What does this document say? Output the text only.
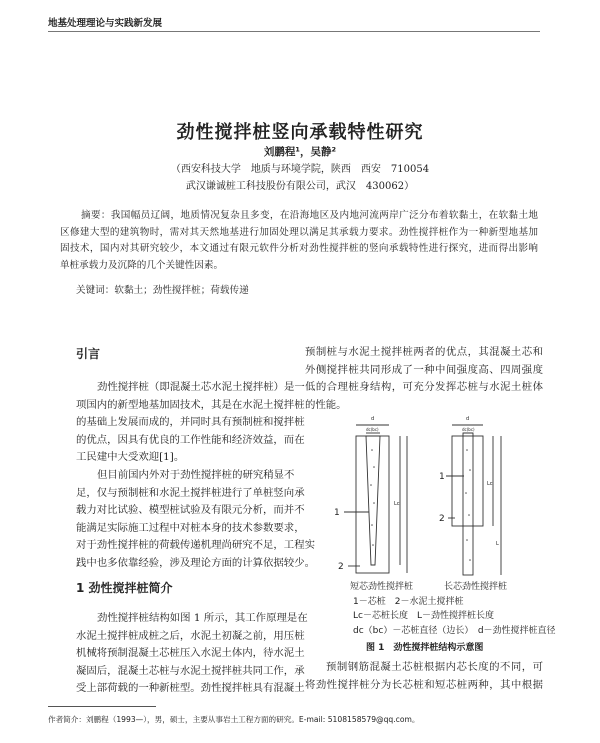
地基处理理论与实践新发展
劲性搅拌桩竖向承载特性研究
刘鹏程¹，吴静²
（西安科技大学　地质与环境学院，陕西　西安　710054
武汉谦诚桩工科技股份有限公司，武汉　430062）
摘要：我国幅员辽阔，地质情况复杂且多变，在沿海地区及内地河流两岸广泛分布着软黏土，在软黏土地
区修建大型的建筑物时，需对其天然地基进行加固处理以满足其承载力要求。劲性搅拌桩作为一种新型地基加
固技术，国内对其研究较少，本文通过有限元软件分析对劲性搅拌桩的竖向承载特性进行探究，进而得出影响
单桩承载力及沉降的几个关键性因素。
关键词：软黏土；劲性搅拌桩；荷载传递
引言
劲性搅拌桩（即混凝土芯水泥土搅拌桩）是一
项国内的新型地基加固技术，其是在水泥土搅拌桩
的基础上发展而成的，并同时具有预制桩和搅拌桩
的优点，因具有优良的工作性能和经济效益，而在
工民建中大受欢迎[1]。
但目前国内外对于劲性搅拌桩的研究稍显不
足，仅与预制桩和水泥土搅拌桩进行了单桩竖向承
载力对比试验、模型桩试验及有限元分析，而并不
能满足实际施工过程中对桩本身的技术参数要求，
对于劲性搅拌桩的荷载传递机理尚研究不足，工程实
践中也多依靠经验，涉及理论方面的计算依据较少。
1 劲性搅拌桩简介
劲性搅拌桩结构如图 1 所示，其工作原理是在
水泥土搅拌桩成桩之后，水泥土初凝之前，用压桩
机械将预制混凝土芯桩压入水泥土体内，待水泥土
凝固后，混凝土芯桩与水泥土搅拌桩共同工作，承
受上部荷载的一种新桩型。劲性搅拌桩具有混凝土
预制桩与水泥土搅拌桩两者的优点，其混凝土芯和
外侧搅拌桩共同形成了一种中间强度高、四周强度
低的合理桩身结构，可充分发挥芯桩与水泥土桩体
的性能。
1
2
1
2
d
dc(bc)
d
dc(bc)
Lc
Lc
L
短芯劲性搅拌桩	长芯劲性搅拌桩
1－芯桩　2－水泥土搅拌桩
Lc－芯桩长度　L－劲性搅拌桩长度
dc（bc）－芯桩直径（边长）　d－劲性搅拌桩直径
图 1　劲性搅拌桩结构示意图
预制钢筋混凝土芯桩根据内芯长度的不同，可
将劲性搅拌桩分为长芯桩和短芯桩两种，其中根据
作者简介：刘鹏程（1993—），男，硕士，主要从事岩土工程方面的研究。E-mail: 5108158579@qq.com。
